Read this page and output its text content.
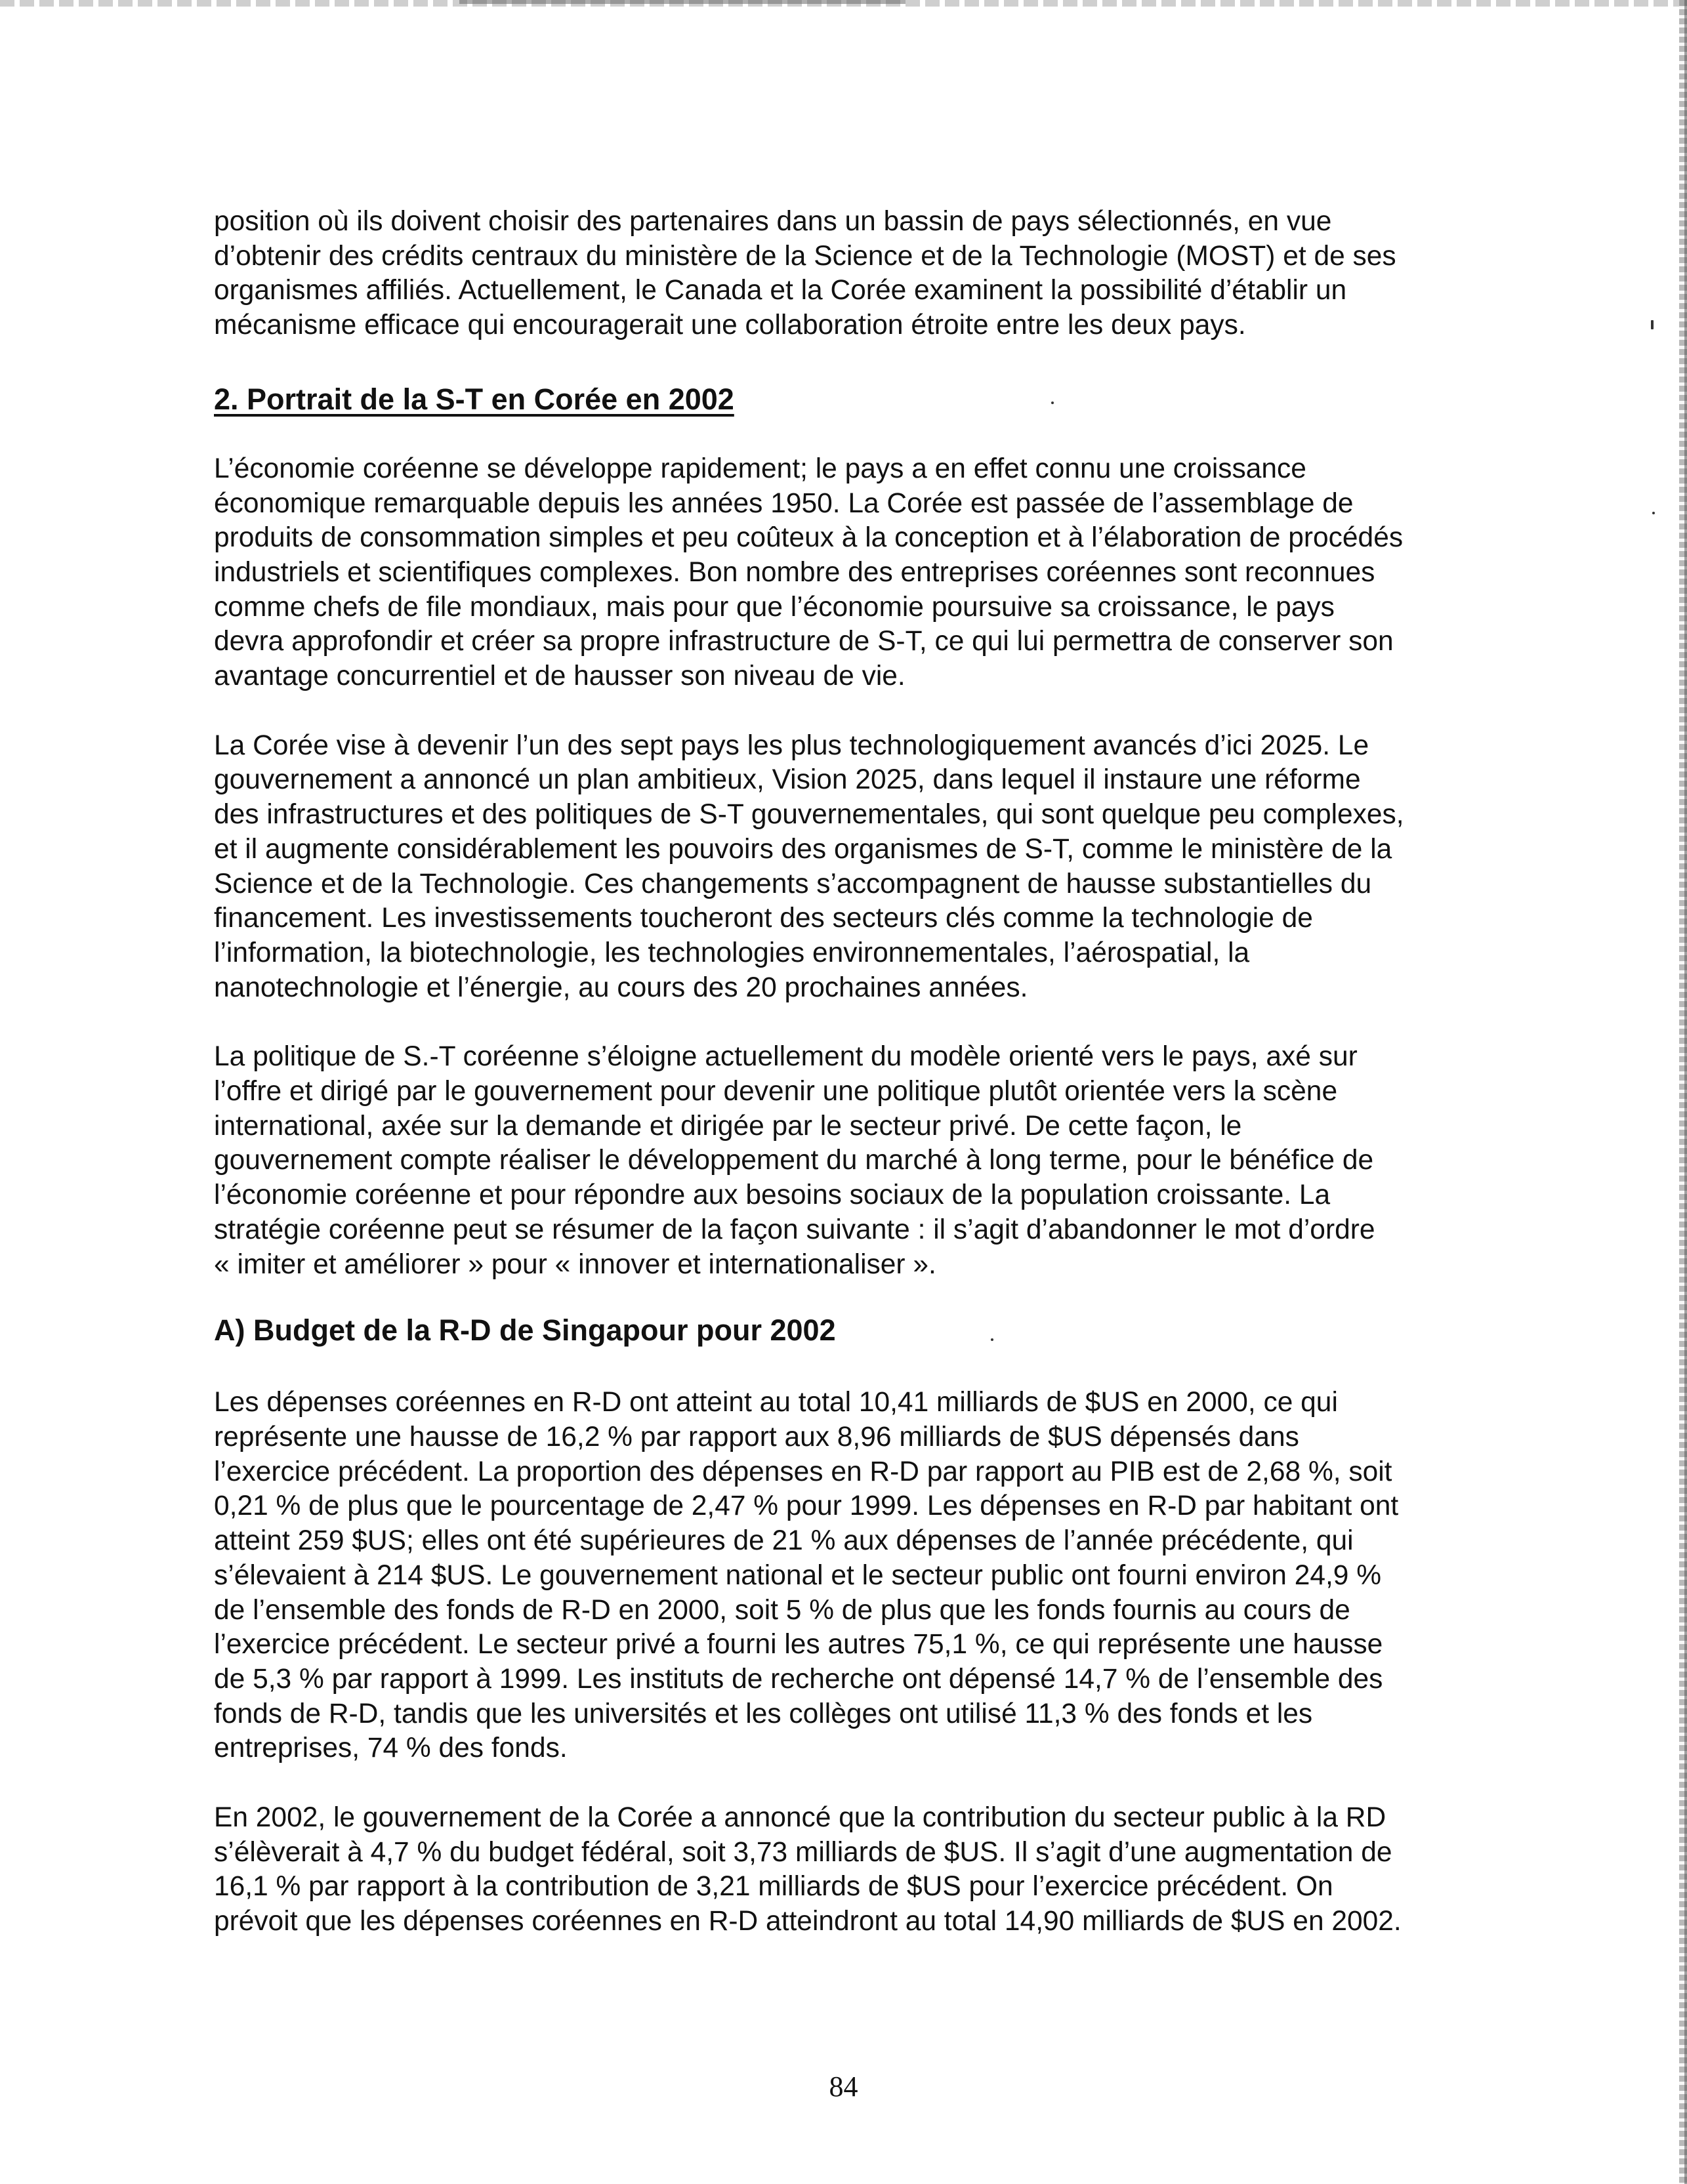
position où ils doivent choisir des partenaires dans un bassin de pays sélectionnés, en vue

d’obtenir des crédits centraux du ministère de la Science et de la Technologie (MOST) et de ses

organismes affiliés. Actuellement, le Canada et la Corée examinent la possibilité d’établir un

mécanisme efficace qui encouragerait une collaboration étroite entre les deux pays.

2. Portrait de la S-T en Corée en 2002

L’économie coréenne se développe rapidement; le pays a en effet connu une croissance

économique remarquable depuis les années 1950. La Corée est passée de l’assemblage de

produits de consommation simples et peu coûteux à la conception et à l’élaboration de procédés

industriels et scientifiques complexes. Bon nombre des entreprises coréennes sont reconnues

comme chefs de file mondiaux, mais pour que l’économie poursuive sa croissance, le pays

devra approfondir et créer sa propre infrastructure de S-T, ce qui lui permettra de conserver son

avantage concurrentiel et de hausser son niveau de vie.

La Corée vise à devenir l’un des sept pays les plus technologiquement avancés d’ici 2025. Le

gouvernement a annoncé un plan ambitieux, Vision 2025, dans lequel il instaure une réforme

des infrastructures et des politiques de S-T gouvernementales, qui sont quelque peu complexes,

et il augmente considérablement les pouvoirs des organismes de S-T, comme le ministère de la

Science et de la Technologie. Ces changements s’accompagnent de hausse substantielles du

financement. Les investissements toucheront des secteurs clés comme la technologie de

l’information, la biotechnologie, les technologies environnementales, l’aérospatial, la

nanotechnologie et l’énergie, au cours des 20 prochaines années.

La politique de S.-T coréenne s’éloigne actuellement du modèle orienté vers le pays, axé sur

l’offre et dirigé par le gouvernement pour devenir une politique plutôt orientée vers la scène

international, axée sur la demande et dirigée par le secteur privé. De cette façon, le

gouvernement compte réaliser le développement du marché à long terme, pour le bénéfice de

l’économie coréenne et pour répondre aux besoins sociaux de la population croissante. La

stratégie coréenne peut se résumer de la façon suivante : il s’agit d’abandonner le mot d’ordre

« imiter et améliorer » pour « innover et internationaliser ».

A) Budget de la R-D de Singapour pour 2002

Les dépenses coréennes en R-D ont atteint au total 10,41 milliards de $US en 2000, ce qui

représente une hausse de 16,2 % par rapport aux 8,96 milliards de $US dépensés dans

l’exercice précédent. La proportion des dépenses en R-D par rapport au PIB est de 2,68 %, soit

0,21 % de plus que le pourcentage de 2,47 % pour 1999. Les dépenses en R-D par habitant ont

atteint 259 $US; elles ont été supérieures de 21 % aux dépenses de l’année précédente, qui

s’élevaient à 214 $US. Le gouvernement national et le secteur public ont fourni environ 24,9 %

de l’ensemble des fonds de R-D en 2000, soit 5 % de plus que les fonds fournis au cours de

l’exercice précédent. Le secteur privé a fourni les autres 75,1 %, ce qui représente une hausse

de 5,3 % par rapport à 1999. Les instituts de recherche ont dépensé 14,7 % de l’ensemble des

fonds de R-D, tandis que les universités et les collèges ont utilisé 11,3 % des fonds et les

entreprises, 74 % des fonds.

En 2002, le gouvernement de la Corée a annoncé que la contribution du secteur public à la RD

s’élèverait à 4,7 % du budget fédéral, soit 3,73 milliards de $US. Il s’agit d’une augmentation de

16,1 % par rapport à la contribution de 3,21 milliards de $US pour l’exercice précédent. On

prévoit que les dépenses coréennes en R-D atteindront au total 14,90 milliards de $US en 2002.

84
